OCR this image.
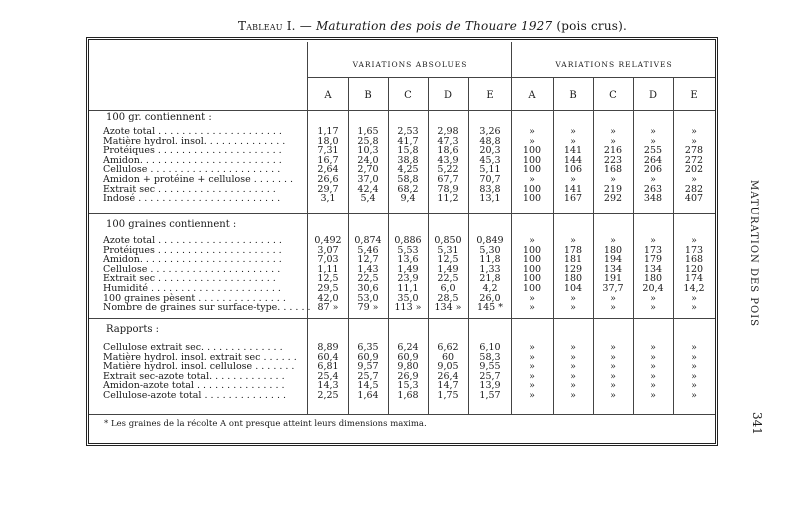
Tableau I. — Maturation des pois de Thouare 1927 (pois crus).
VARIATIONS ABSOLUES	VARIATIONS RELATIVES
A	B	C	D	E	A	B	C	D	E
100 gr. contiennent :
Azote total . . . . . . . . . . . . . . . . . . . . .	1,17	1,65	2,53	2,98	3,26	»	»	»	»	»
Matière hydrol. insol. . . . . . . . . . . . . .	18,0	25,8	41,7	47,3	48,8	»	»	»	»	»
Protéiques . . . . . . . . . . . . . . . . . . . . .	7,31	10,3	15,8	18,6	20,3	100	141	216	255	278
Amidon. . . . . . . . . . . . . . . . . . . . . . . .	16,7	24,0	38,8	43,9	45,3	100	144	223	264	272
Cellulose . . . . . . . . . . . . . . . . . . . . . .	2,64	2,70	4,25	5,22	5,11	100	106	168	206	202
Amidon + protéine + cellulose . . . . . . .	26,6	37,0	58,8	67,7	70,7	»	»	»	»	»
Extrait sec . . . . . . . . . . . . . . . . . . . .	29,7	42,4	68,2	78,9	83,8	100	141	219	263	282
Indosé . . . . . . . . . . . . . . . . . . . . . . . .	3,1	5,4	9,4	11,2	13,1	100	167	292	348	407
100 graines contiennent :
Azote total . . . . . . . . . . . . . . . . . . . . .	0,492	0,874	0,886	0,850	0,849	»	»	»	»	»
Protéiques . . . . . . . . . . . . . . . . . . . . .	3,07	5,46	5,53	5,31	5,30	100	178	180	173	173
Amidon. . . . . . . . . . . . . . . . . . . . . . . .	7,03	12,7	13,6	12,5	11,8	100	181	194	179	168
Cellulose . . . . . . . . . . . . . . . . . . . . . .	1,11	1,43	1,49	1,49	1,33	100	129	134	134	120
Extrait sec . . . . . . . . . . . . . . . . . . . .	12,5	22,5	23,9	22,5	21,8	100	180	191	180	174
Humidité . . . . . . . . . . . . . . . . . . . . . .	29,5	30,6	11,1	6,0	4,2	100	104	37,7	20,4	14,2
100 graines pèsent . . . . . . . . . . . . . . .	42,0	53,0	35,0	28,5	26,0	»	»	»	»	»
Nombre de graines sur surface-type. . . . . . 87 »	79 »	113 »	134 »	145 *	»	»	»	»	»
Rapports :
Cellulose extrait sec. . . . . . . . . . . . . .	8,89	6,35	6,24	6,62	6,10	»	»	»	»	»
Matière hydrol. insol. extrait sec . . . . . .	60,4	60,9	60,9	60	58,3	»	»	»	»	»
Matière hydrol. insol. cellulose . . . . . . .	6,81	9,57	9,80	9,05	9,55	»	»	»	»	»
Extrait sec-azote total. . . . . . . . . . . . .	25,4	25,7	26,9	26,4	25,7	»	»	»	»	»
Amidon-azote total . . . . . . . . . . . . . . .	14,3	14,5	15,3	14,7	13,9	»	»	»	»	»
Cellulose-azote total . . . . . . . . . . . . . .	2,25	1,64	1,68	1,75	1,57	»	»	»	»	»
* Les graines de la récolte A ont presque atteint leurs dimensions maxima.
MATURATION DES POIS
341
